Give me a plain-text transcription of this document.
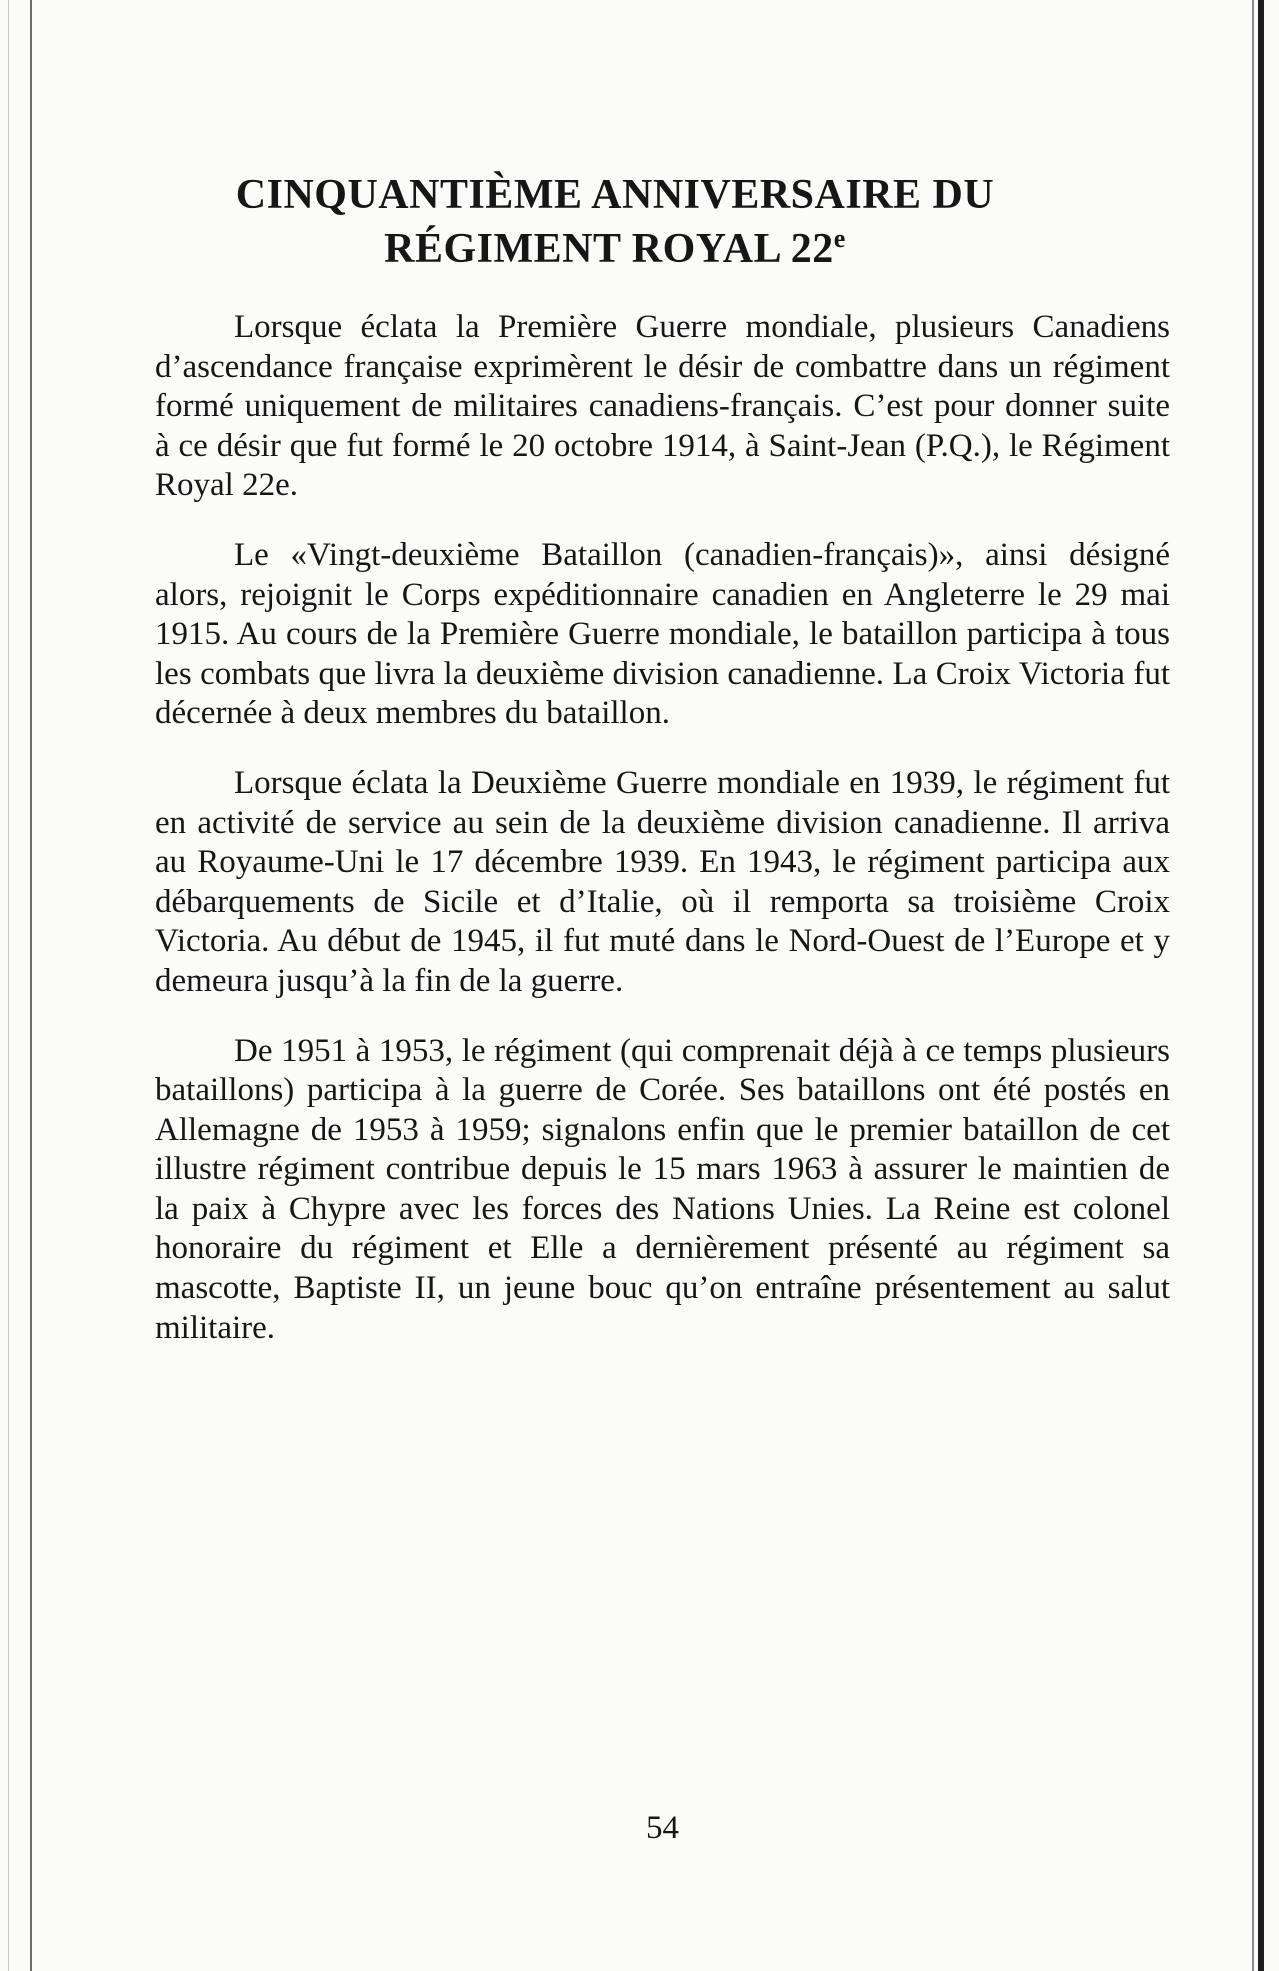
CINQUANTIÈME ANNIVERSAIRE DU
RÉGIMENT ROYAL 22e

Lorsque éclata la Première Guerre mondiale, plusieurs Canadiens d’ascendance française exprimèrent le désir de combattre dans un régiment formé uniquement de militaires canadiens-français. C’est pour donner suite à ce désir que fut formé le 20 octobre 1914, à Saint-Jean (P.Q.), le Régiment Royal 22e.

Le «Vingt-deuxième Bataillon (canadien-français)», ainsi désigné alors, rejoignit le Corps expéditionnaire canadien en Angleterre le 29 mai 1915. Au cours de la Première Guerre mondiale, le bataillon participa à tous les combats que livra la deuxième division canadienne. La Croix Victoria fut décernée à deux membres du bataillon.

Lorsque éclata la Deuxième Guerre mondiale en 1939, le régiment fut en activité de service au sein de la deuxième division canadienne. Il arriva au Royaume-Uni le 17 décembre 1939. En 1943, le régiment participa aux débarquements de Sicile et d’Italie, où il remporta sa troisième Croix Victoria. Au début de 1945, il fut muté dans le Nord-Ouest de l’Europe et y demeura jusqu’à la fin de la guerre.

De 1951 à 1953, le régiment (qui comprenait déjà à ce temps plusieurs bataillons) participa à la guerre de Corée. Ses bataillons ont été postés en Allemagne de 1953 à 1959; signalons enfin que le premier bataillon de cet illustre régiment contribue depuis le 15 mars 1963 à assurer le maintien de la paix à Chypre avec les forces des Nations Unies. La Reine est colonel honoraire du régiment et Elle a dernièrement présenté au régiment sa mascotte, Baptiste II, un jeune bouc qu’on entraîne présentement au salut militaire.

54
